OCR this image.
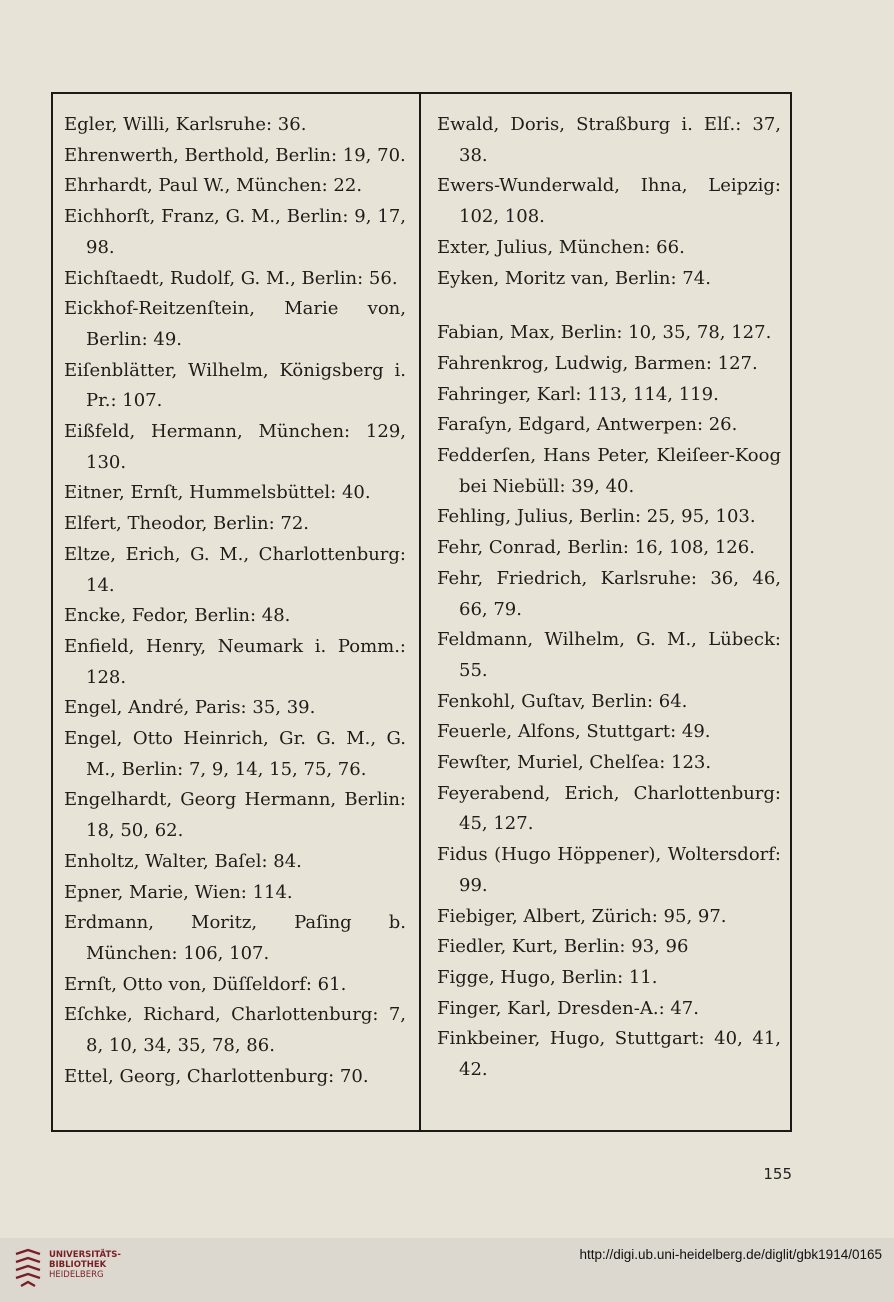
Egler, Willi, Karlsruhe: 36.
Ehrenwerth, Berthold, Berlin: 19, 70.
Ehrhardt, Paul W., München: 22.
Eichhorſt, Franz, G. M., Berlin: 9, 17, 98.
Eichſtaedt, Rudolf, G. M., Berlin: 56.
Eickhof-Reitzenſtein, Marie von, Berlin: 49.
Eiſenblätter, Wilhelm, Königsberg i. Pr.: 107.
Eißfeld, Hermann, München: 129, 130.
Eitner, Ernſt, Hummelsbüttel: 40.
Elfert, Theodor, Berlin: 72.
Eltze, Erich, G. M., Charlottenburg: 14.
Encke, Fedor, Berlin: 48.
Enfield, Henry, Neumark i. Pomm.: 128.
Engel, André, Paris: 35, 39.
Engel, Otto Heinrich, Gr. G. M., G. M., Berlin: 7, 9, 14, 15, 75, 76.
Engelhardt, Georg Hermann, Berlin: 18, 50, 62.
Enholtz, Walter, Baſel: 84.
Epner, Marie, Wien: 114.
Erdmann, Moritz, Paſing b. München: 106, 107.
Ernſt, Otto von, Düſſeldorf: 61.
Eſchke, Richard, Charlottenburg: 7, 8, 10, 34, 35, 78, 86.
Ettel, Georg, Charlottenburg: 70.
Ewald, Doris, Straßburg i. Elſ.: 37, 38.
Ewers-Wunderwald, Ihna, Leipzig: 102, 108.
Exter, Julius, München: 66.
Eyken, Moritz van, Berlin: 74.
Fabian, Max, Berlin: 10, 35, 78, 127.
Fahrenkrog, Ludwig, Barmen: 127.
Fahringer, Karl: 113, 114, 119.
Faraſyn, Edgard, Antwerpen: 26.
Fedderſen, Hans Peter, Kleiſeer-Koog bei Niebüll: 39, 40.
Fehling, Julius, Berlin: 25, 95, 103.
Fehr, Conrad, Berlin: 16, 108, 126.
Fehr, Friedrich, Karlsruhe: 36, 46, 66, 79.
Feldmann, Wilhelm, G. M., Lübeck: 55.
Fenkohl, Guſtav, Berlin: 64.
Feuerle, Alfons, Stuttgart: 49.
Fewſter, Muriel, Chelſea: 123.
Feyerabend, Erich, Charlottenburg: 45, 127.
Fidus (Hugo Höppener), Woltersdorf: 99.
Fiebiger, Albert, Zürich: 95, 97.
Fiedler, Kurt, Berlin: 93, 96
Figge, Hugo, Berlin: 11.
Finger, Karl, Dresden-A.: 47.
Finkbeiner, Hugo, Stuttgart: 40, 41, 42.
155
UNIVERSITÄTS-
BIBLIOTHEK
HEIDELBERG
http://digi.ub.uni-heidelberg.de/diglit/gbk1914/0165
